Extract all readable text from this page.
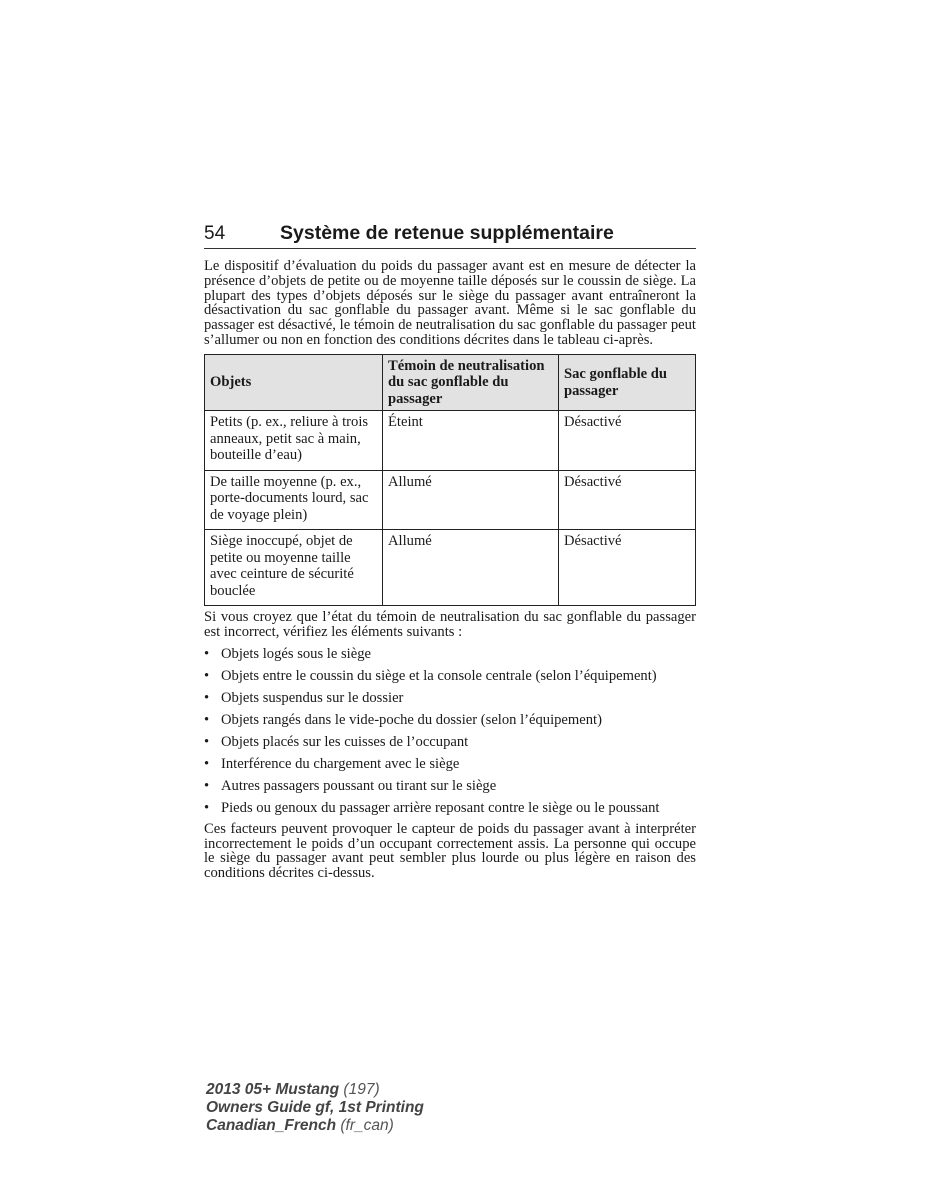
54	Système de retenue supplémentaire

Le dispositif d’évaluation du poids du passager avant est en mesure de détecter la présence d’objets de petite ou de moyenne taille déposés sur le coussin de siège. La plupart des types d’objets déposés sur le siège du passager avant entraîneront la désactivation du sac gonflable du passager avant. Même si le sac gonflable du passager est désactivé, le témoin de neutralisation du sac gonflable du passager peut s’allumer ou non en fonction des conditions décrites dans le tableau ci-après.

Objets	Témoin de neutralisation du sac gonflable du passager	Sac gonflable du passager
Petits (p. ex., reliure à trois anneaux, petit sac à main, bouteille d’eau)	Éteint	Désactivé
De taille moyenne (p. ex., porte-documents lourd, sac de voyage plein)	Allumé	Désactivé
Siège inoccupé, objet de petite ou moyenne taille avec ceinture de sécurité bouclée	Allumé	Désactivé

Si vous croyez que l’état du témoin de neutralisation du sac gonflable du passager est incorrect, vérifiez les éléments suivants :

• Objets logés sous le siège
• Objets entre le coussin du siège et la console centrale (selon l’équipement)
• Objets suspendus sur le dossier
• Objets rangés dans le vide-poche du dossier (selon l’équipement)
• Objets placés sur les cuisses de l’occupant
• Interférence du chargement avec le siège
• Autres passagers poussant ou tirant sur le siège
• Pieds ou genoux du passager arrière reposant contre le siège ou le poussant

Ces facteurs peuvent provoquer le capteur de poids du passager avant à interpréter incorrectement le poids d’un occupant correctement assis. La personne qui occupe le siège du passager avant peut sembler plus lourde ou plus légère en raison des conditions décrites ci-dessus.

2013 05+ Mustang (197)
Owners Guide gf, 1st Printing
Canadian_French (fr_can)
